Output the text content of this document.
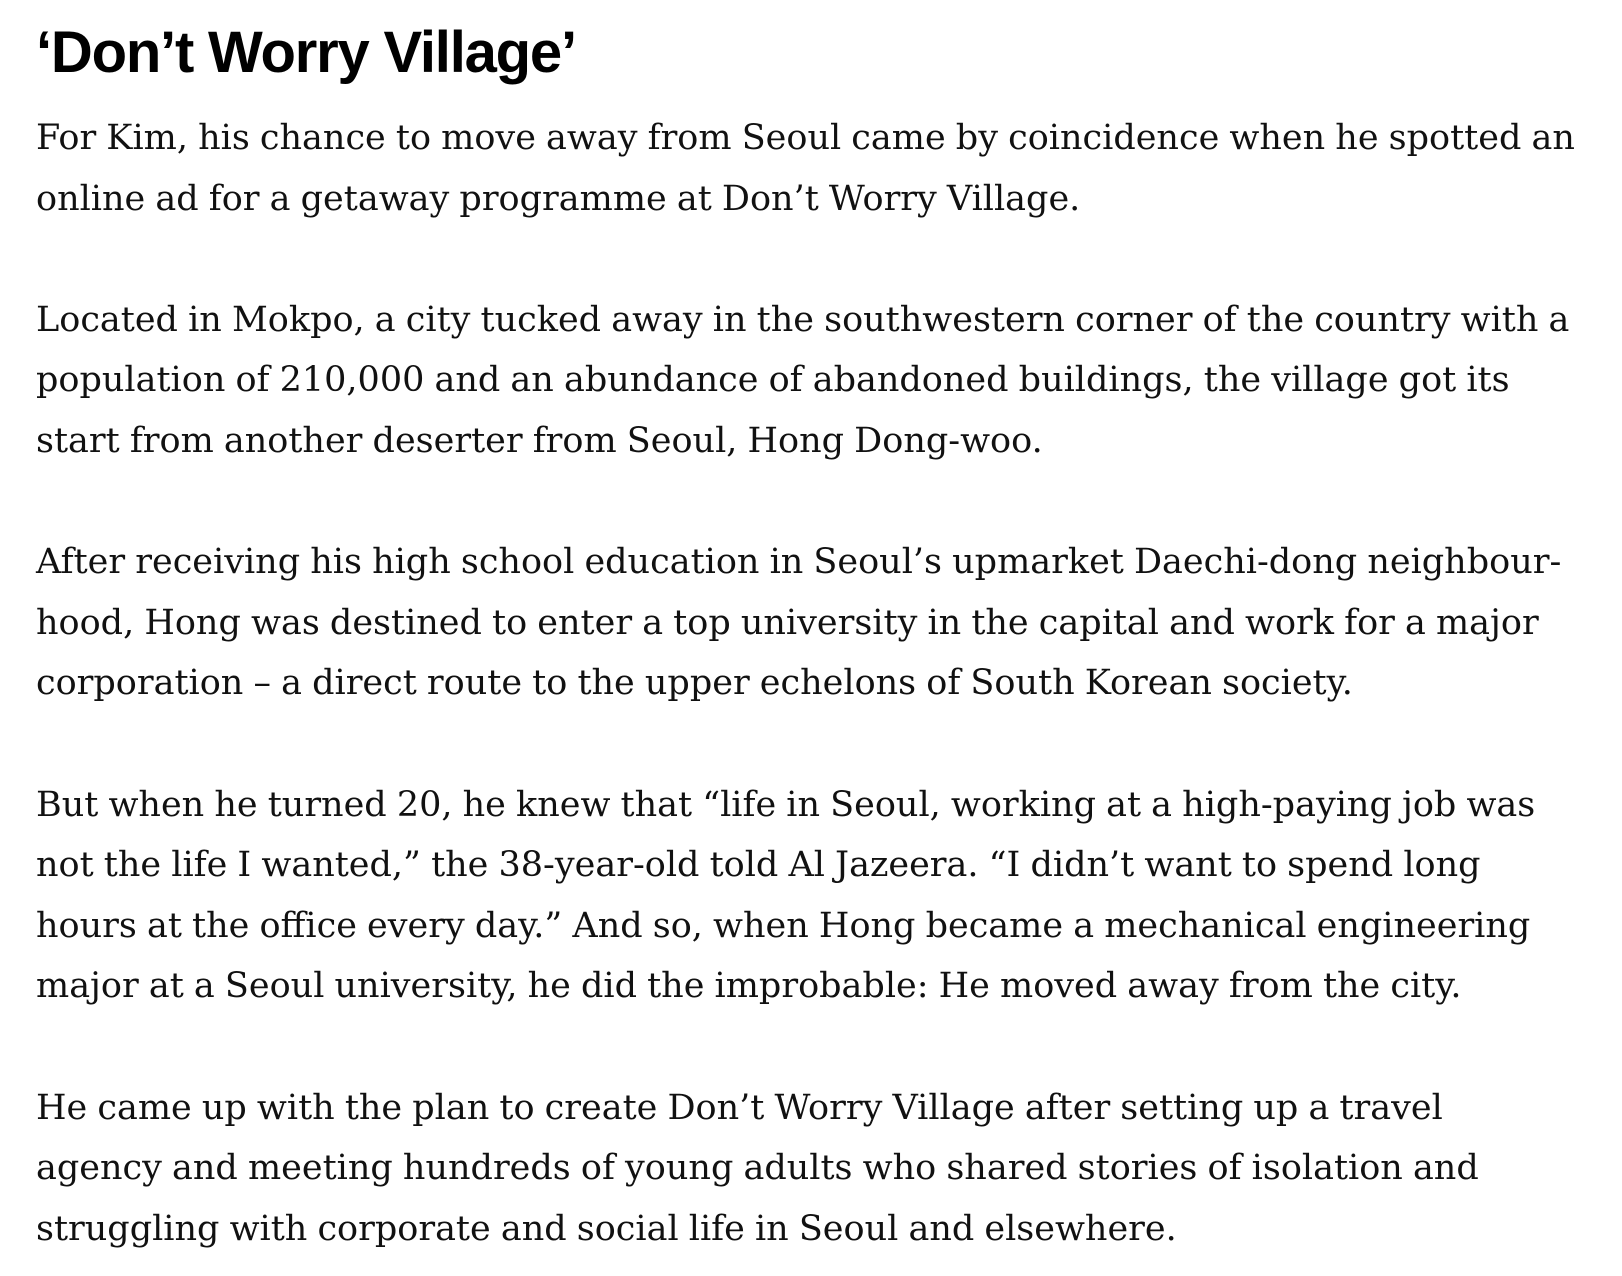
‘Don’t Worry Village’

For Kim, his chance to move away from Seoul came by coincidence when he spotted an
online ad for a getaway programme at Don’t Worry Village.

Located in Mokpo, a city tucked away in the southwestern corner of the country with a
population of 210,000 and an abundance of abandoned buildings, the village got its
start from another deserter from Seoul, Hong Dong-woo.

After receiving his high school education in Seoul’s upmarket Daechi-dong neighbour-
hood, Hong was destined to enter a top university in the capital and work for a major
corporation – a direct route to the upper echelons of South Korean society.

But when he turned 20, he knew that “life in Seoul, working at a high-paying job was
not the life I wanted,” the 38-year-old told Al Jazeera. “I didn’t want to spend long
hours at the office every day.” And so, when Hong became a mechanical engineering
major at a Seoul university, he did the improbable: He moved away from the city.

He came up with the plan to create Don’t Worry Village after setting up a travel
agency and meeting hundreds of young adults who shared stories of isolation and
struggling with corporate and social life in Seoul and elsewhere.
